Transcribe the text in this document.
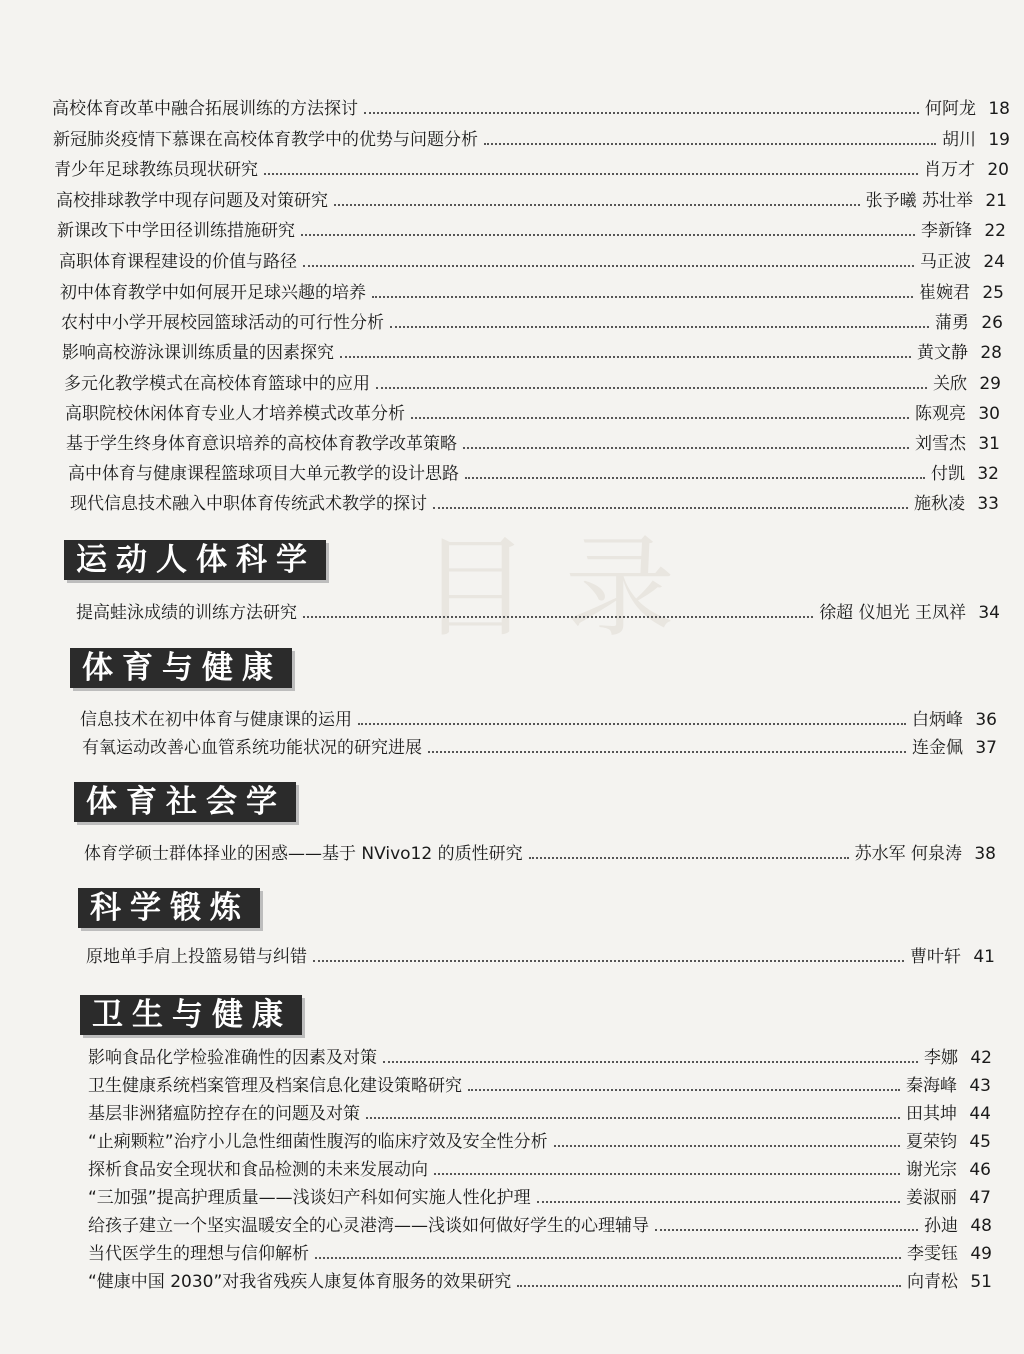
目 录
高校体育改革中融合拓展训练的方法探讨	何阿龙 18
新冠肺炎疫情下慕课在高校体育教学中的优势与问题分析	胡川 19
青少年足球教练员现状研究	肖万才 20
高校排球教学中现存问题及对策研究	张予曦 苏壮举 21
新课改下中学田径训练措施研究	李新锋 22
高职体育课程建设的价值与路径	马正波 24
初中体育教学中如何展开足球兴趣的培养	崔婉君 25
农村中小学开展校园篮球活动的可行性分析	蒲勇 26
影响高校游泳课训练质量的因素探究	黄文静 28
多元化教学模式在高校体育篮球中的应用	关欣 29
高职院校休闲体育专业人才培养模式改革分析	陈观亮 30
基于学生终身体育意识培养的高校体育教学改革策略	刘雪杰 31
高中体育与健康课程篮球项目大单元教学的设计思路	付凯 32
现代信息技术融入中职体育传统武术教学的探讨	施秋凌 33
运动人体科学
提高蛙泳成绩的训练方法研究	徐超 仪旭光 王凤祥 34
体育与健康
信息技术在初中体育与健康课的运用	白炳峰 36
有氧运动改善心血管系统功能状况的研究进展	连金佩 37
体育社会学
体育学硕士群体择业的困惑——基于 NVivo12 的质性研究	苏水军 何泉涛 38
科学锻炼
原地单手肩上投篮易错与纠错	曹叶轩 41
卫生与健康
影响食品化学检验准确性的因素及对策	李娜 42
卫生健康系统档案管理及档案信息化建设策略研究	秦海峰 43
基层非洲猪瘟防控存在的问题及对策	田其坤 44
“止痢颗粒”治疗小儿急性细菌性腹泻的临床疗效及安全性分析	夏荣钧 45
探析食品安全现状和食品检测的未来发展动向	谢光宗 46
“三加强”提高护理质量——浅谈妇产科如何实施人性化护理	姜淑丽 47
给孩子建立一个坚实温暖安全的心灵港湾——浅谈如何做好学生的心理辅导	孙迪 48
当代医学生的理想与信仰解析	李雯钰 49
“健康中国 2030”对我省残疾人康复体育服务的效果研究	向青松 51
